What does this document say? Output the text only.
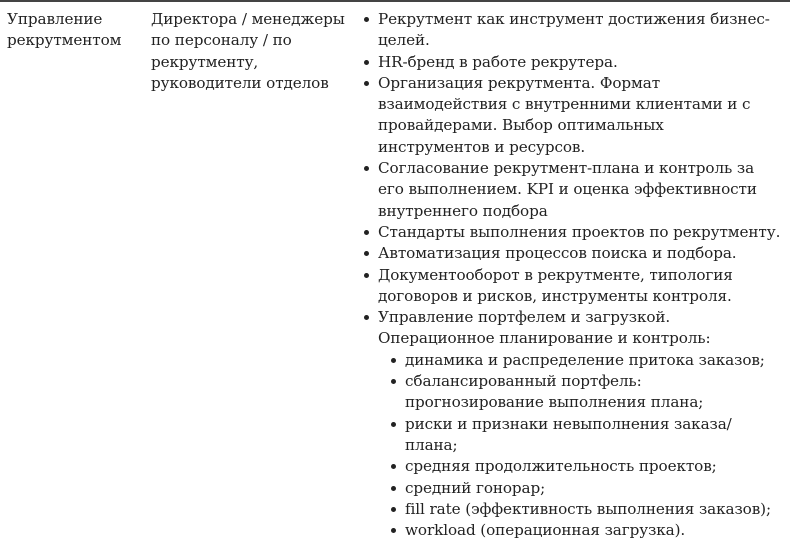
Управление
рекрутментом
Директора / менеджеры
по персоналу / по
рекрутменту,
руководители отделов
Рекрутмент как инструмент достижения бизнес-
целей.
HR-бренд в работе рекрутера.
Организация рекрутмента. Формат
взаимодействия с внутренними клиентами и с
провайдерами. Выбор оптимальных
инструментов и ресурсов.
Согласование рекрутмент-плана и контроль за
его выполнением. KPI и оценка эффективности
внутреннего подбора
Стандарты выполнения проектов по рекрутменту.
Автоматизация процессов поиска и подбора.
Документооборот в рекрутменте, типология
договоров и рисков, инструменты контроля.
Управление портфелем и загрузкой.
Операционное планирование и контроль:
динамика и распределение притока заказов;
сбалансированный портфель:
прогнозирование выполнения плана;
риски и признаки невыполнения заказа/
плана;
средняя продолжительность проектов;
средний гонорар;
fill rate (эффективность выполнения заказов);
workload (операционная загрузка).
